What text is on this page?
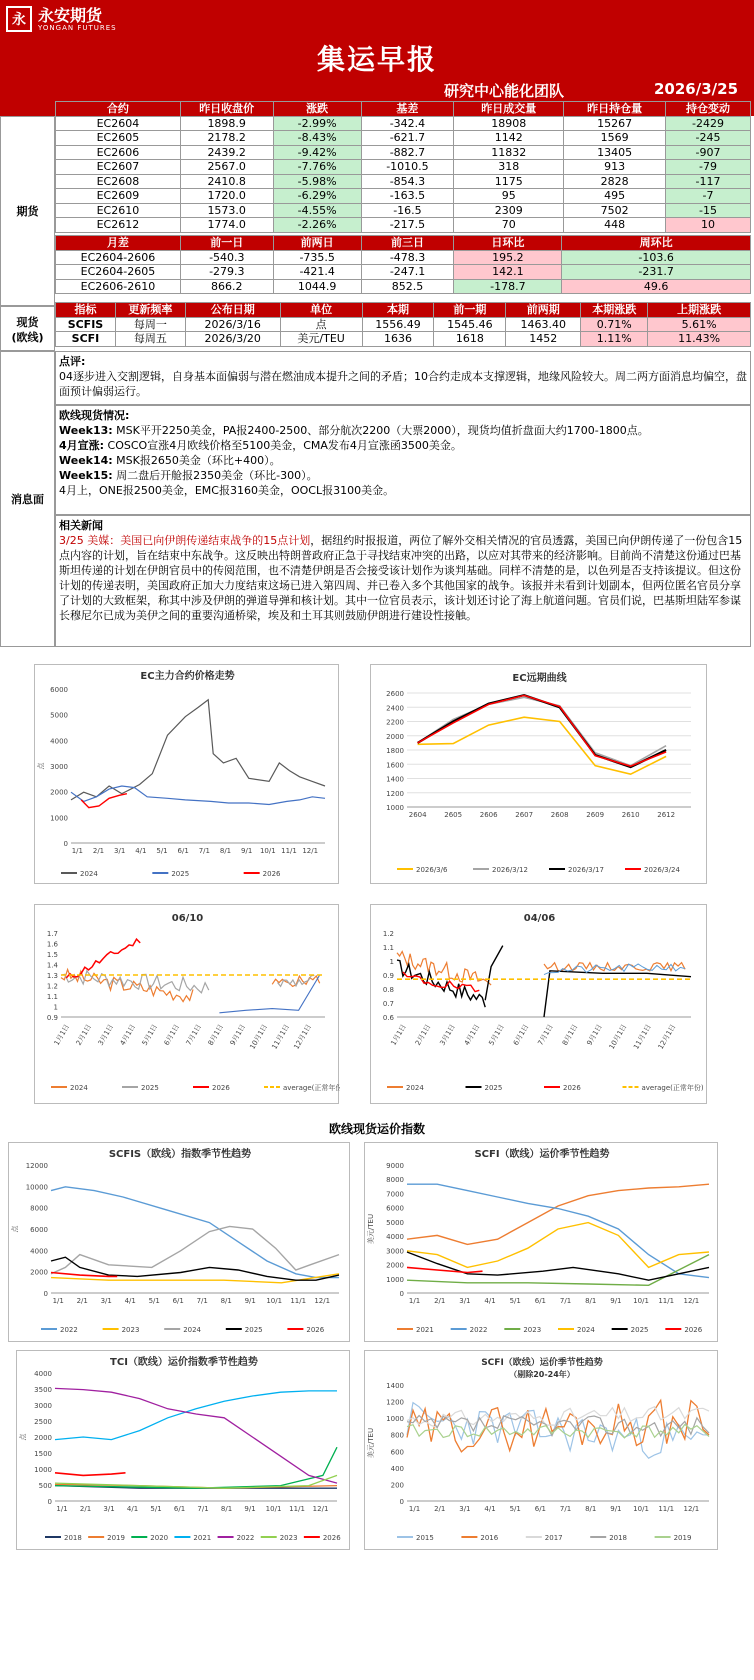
永 永安期货
YONGAN FUTURES
集运早报
研究中心能化团队	2026/3/25
期货
合约	昨日收盘价	涨跌	基差	昨日成交量	昨日持仓量	持仓变动
EC2604	1898.9	-2.99%	-342.4	18908	15267	-2429
EC2605	2178.2	-8.43%	-621.7	1142	1569	-245
EC2606	2439.2	-9.42%	-882.7	11832	13405	-907
EC2607	2567.0	-7.76%	-1010.5	318	913	-79
EC2608	2410.8	-5.98%	-854.3	1175	2828	-117
EC2609	1720.0	-6.29%	-163.5	95	495	-7
EC2610	1573.0	-4.55%	-16.5	2309	7502	-15
EC2612	1774.0	-2.26%	-217.5	70	448	10
月差	前一日	前两日	前三日	日环比	周环比
EC2604-2606	-540.3	-735.5	-478.3	195.2	-103.6
EC2604-2605	-279.3	-421.4	-247.1	142.1	-231.7
EC2606-2610	866.2	1044.9	852.5	-178.7	49.6
现货
(欧线)
指标	更新频率	公布日期	单位	本期	前一期	前两期	本期涨跌	上期涨跌
SCFIS	每周一	2026/3/16	点	1556.49	1545.46	1463.40	0.71%	5.61%
SCFI	每周五	2026/3/20	美元/TEU	1636	1618	1452	1.11%	11.43%
消息面
点评:
04逐步进入交割逻辑，自身基本面偏弱与潜在燃油成本提升之间的矛盾；10合约走成本支撑逻辑，地缘风险较大。周二两方面消息均偏空，盘面预计偏弱运行。
欧线现货情况:
Week13: MSK平开2250美金，PA报2400-2500、部分航次2200（大票2000），现货均值折盘面大约1700-1800点。
4月宣涨: COSCO宣涨4月欧线价格至5100美金，CMA发布4月宣涨函3500美金。
Week14: MSK报2650美金（环比+400）。
Week15: 周二盘后开舱报2350美金（环比-300）。
4月上，ONE报2500美金，EMC报3160美金，OOCL报3100美金。
相关新闻
3/25 美媒：美国已向伊朗传递结束战争的15点计划，据纽约时报报道，两位了解外交相关情况的官员透露，美国已向伊朗传递了一份包含15点内容的计划，旨在结束中东战争。这反映出特朗普政府正急于寻找结束冲突的出路，以应对其带来的经济影响。目前尚不清楚这份通过巴基斯坦传递的计划在伊朗官员中的传阅范围，也不清楚伊朗是否会接受该计划作为谈判基础。同样不清楚的是，以色列是否支持该提议。但这份计划的传递表明，美国政府正加大力度结束这场已进入第四周、并已卷入多个其他国家的战争。该报并未看到计划副本，但两位匿名官员分享了计划的大致框架，称其中涉及伊朗的弹道导弹和核计划。其中一位官员表示，该计划还讨论了海上航道问题。官员们说，巴基斯坦陆军参谋长穆尼尔已成为美伊之间的重要沟通桥梁，埃及和土耳其则鼓励伊朗进行建设性接触。
EC主力合约价格走势
6000
5000
4000
3000
2000
1000
0
1/1 2/1 3/1 4/1 5/1 6/1 7/1 8/1 9/1 10/1 11/1 12/1
点
2024	2025	2026
EC远期曲线
2600
2400
2200
2000
1800
1600
1400
1200
1000
2604	2605	2606	2607	2608	2609	2610	2612
2026/3/6	2026/3/12	2026/3/17	2026/3/24
06/10
1.7
1.6
1.5
1.4
1.3
1.2
1.1
1
0.9
1月1日 2月1日 3月1日 4月1日 5月1日 6月1日 7月1日 8月1日 9月1日 10月1日 11月1日 12月1日
2024	2025	2026	average(正常年份)
04/06
1.2
1.1
1
0.9
0.8
0.7
0.6
1月1日 2月1日 3月1日 4月1日 5月1日 6月1日 7月1日 8月1日 9月1日 10月1日 11月1日 12月1日
2024	2025	2026	average(正常年份)
欧线现货运价指数
SCFIS（欧线）指数季节性趋势
12000
10000
8000
6000
4000
2000
0
1/1 2/1 3/1 4/1 5/1 6/1 7/1 8/1 9/1 10/1 11/1 12/1
点
2022	2023	2024	2025	2026
SCFI（欧线）运价季节性趋势
9000
8000
7000
6000
5000
4000
3000
2000
1000
0
1/1 2/1 3/1 4/1 5/1 6/1 7/1 8/1 9/1 10/1 11/1 12/1
美元/TEU
2021	2022	2023	2024	2025	2026
TCI（欧线）运价指数季节性趋势
4000
3500
3000
2500
2000
1500
1000
500
0
1/1 2/1 3/1 4/1 5/1 6/1 7/1 8/1 9/1 10/1 11/1 12/1
点
2018	2019	2020	2021	2022	2023	2026
SCFI（欧线）运价季节性趋势
（剔除20-24年）
1400
1200
1000
800
600
400
200
0
1/1 2/1 3/1 4/1 5/1 6/1 7/1 8/1 9/1 10/1 11/1 12/1
美元/TEU
2015	2016	2017	2018	2019
